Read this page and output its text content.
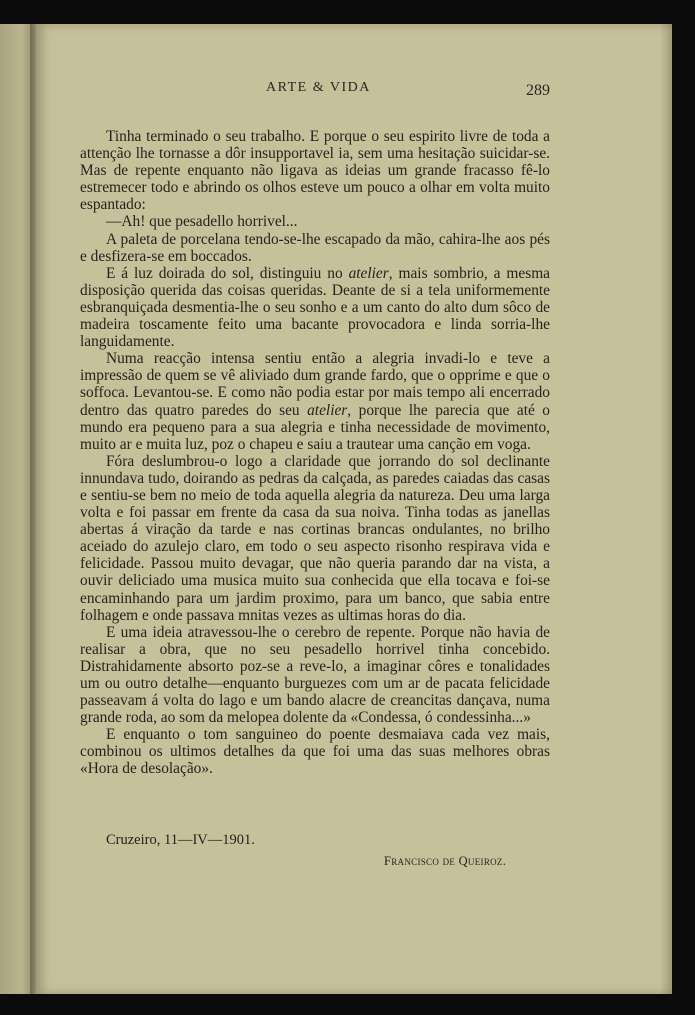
ARTE & VIDA	289

Tinha terminado o seu trabalho. E porque o seu espirito livre de toda a attenção lhe tornasse a dôr insupportavel ia, sem uma hesitação suicidar-se. Mas de repente enquanto não ligava as ideias um grande fracasso fê-lo estremecer todo e abrindo os olhos esteve um pouco a olhar em volta muito espantado:

—Ah! que pesadello horrivel...

A paleta de porcelana tendo-se-lhe escapado da mão, cahira-lhe aos pés e desfizera-se em boccados.

E á luz doirada do sol, distinguiu no atelier, mais sombrio, a mesma disposição querida das coisas queridas. Deante de si a tela uniformemente esbranquiçada desmentia-lhe o seu sonho e a um canto do alto dum sôco de madeira toscamente feito uma bacante provocadora e linda sorria-lhe languidamente.

Numa reacção intensa sentiu então a alegria invadi-lo e teve a impressão de quem se vê aliviado dum grande fardo, que o opprime e que o soffoca. Levantou-se. E como não podia estar por mais tempo ali encerrado dentro das quatro paredes do seu atelier, porque lhe parecia que até o mundo era pequeno para a sua alegria e tinha necessidade de movimento, muito ar e muita luz, poz o chapeu e saiu a trautear uma canção em voga.

Fóra deslumbrou-o logo a claridade que jorrando do sol declinante innundava tudo, doirando as pedras da calçada, as paredes caiadas das casas e sentiu-se bem no meio de toda aquella alegria da natureza. Deu uma larga volta e foi passar em frente da casa da sua noiva. Tinha todas as janellas abertas á viração da tarde e nas cortinas brancas ondulantes, no brilho aceiado do azulejo claro, em todo o seu aspecto risonho respirava vida e felicidade. Passou muito devagar, que não queria parando dar na vista, a ouvir deliciado uma musica muito sua conhecida que ella tocava e foi-se encaminhando para um jardim proximo, para um banco, que sabia entre folhagem e onde passava mnitas vezes as ultimas horas do dia.

E uma ideia atravessou-lhe o cerebro de repente. Porque não havia de realisar a obra, que no seu pesadello horrivel tinha concebido. Distrahidamente absorto poz-se a reve-lo, a imaginar côres e tonalidades um ou outro detalhe—enquanto burguezes com um ar de pacata felicidade passeavam á volta do lago e um bando alacre de creancitas dançava, numa grande roda, ao som da melopea dolente da «Condessa, ó condessinha...»

E enquanto o tom sanguineo do poente desmaiava cada vez mais, combinou os ultimos detalhes da que foi uma das suas melhores obras «Hora de desolação».

Cruzeiro, 11—IV—1901.
Francisco de Queiroz.
